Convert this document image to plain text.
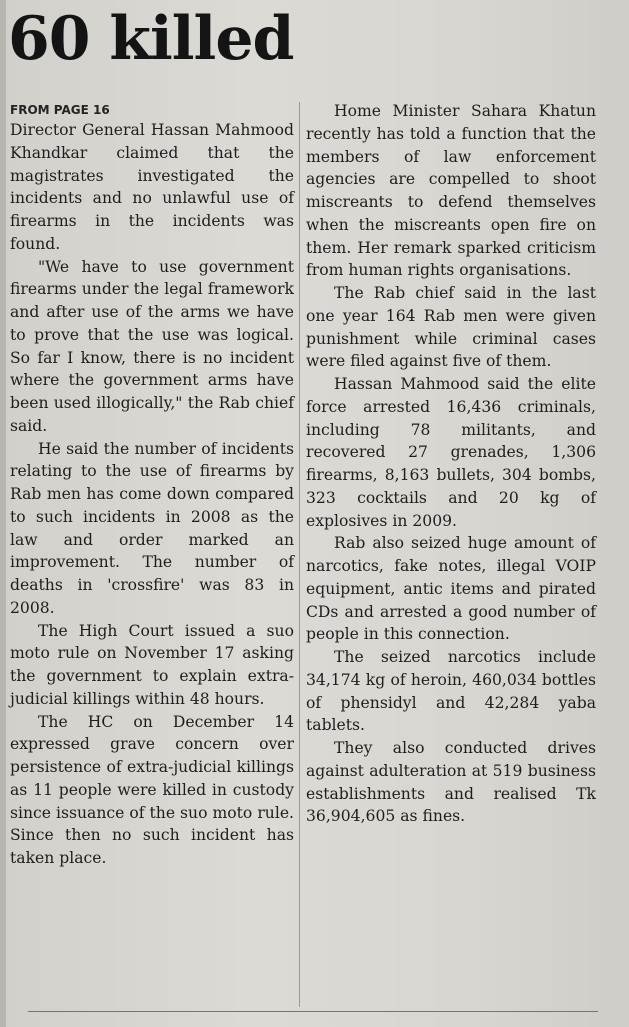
60 killed
FROM PAGE 16

Director General Hassan Mahmood Khandkar claimed that the magistrates investigated the incidents and no unlawful use of firearms in the incidents was found.

"We have to use government firearms under the legal framework and after use of the arms we have to prove that the use was logical. So far I know, there is no incident where the government arms have been used illogically," the Rab chief said.

He said the number of incidents relating to the use of firearms by Rab men has come down compared to such incidents in 2008 as the law and order marked an improvement. The number of deaths in 'crossfire' was 83 in 2008.

The High Court issued a suo moto rule on November 17 asking the government to explain extra-judicial killings within 48 hours.

The HC on December 14 expressed grave concern over persistence of extra-judicial killings as 11 people were killed in custody since issuance of the suo moto rule. Since then no such incident has taken place.

Home Minister Sahara Khatun recently has told a function that the members of law enforcement agencies are compelled to shoot miscreants to defend themselves when the miscreants open fire on them. Her remark sparked criticism from human rights organisations.

The Rab chief said in the last one year 164 Rab men were given punishment while criminal cases were filed against five of them.

Hassan Mahmood said the elite force arrested 16,436 criminals, including 78 militants, and recovered 27 grenades, 1,306 firearms, 8,163 bullets, 304 bombs, 323 cocktails and 20 kg of explosives in 2009.

Rab also seized huge amount of narcotics, fake notes, illegal VOIP equipment, antic items and pirated CDs and arrested a good number of people in this connection.

The seized narcotics include 34,174 kg of heroin, 460,034 bottles of phensidyl and 42,284 yaba tablets.

They also conducted drives against adulteration at 519 business establishments and realised Tk 36,904,605 as fines.
